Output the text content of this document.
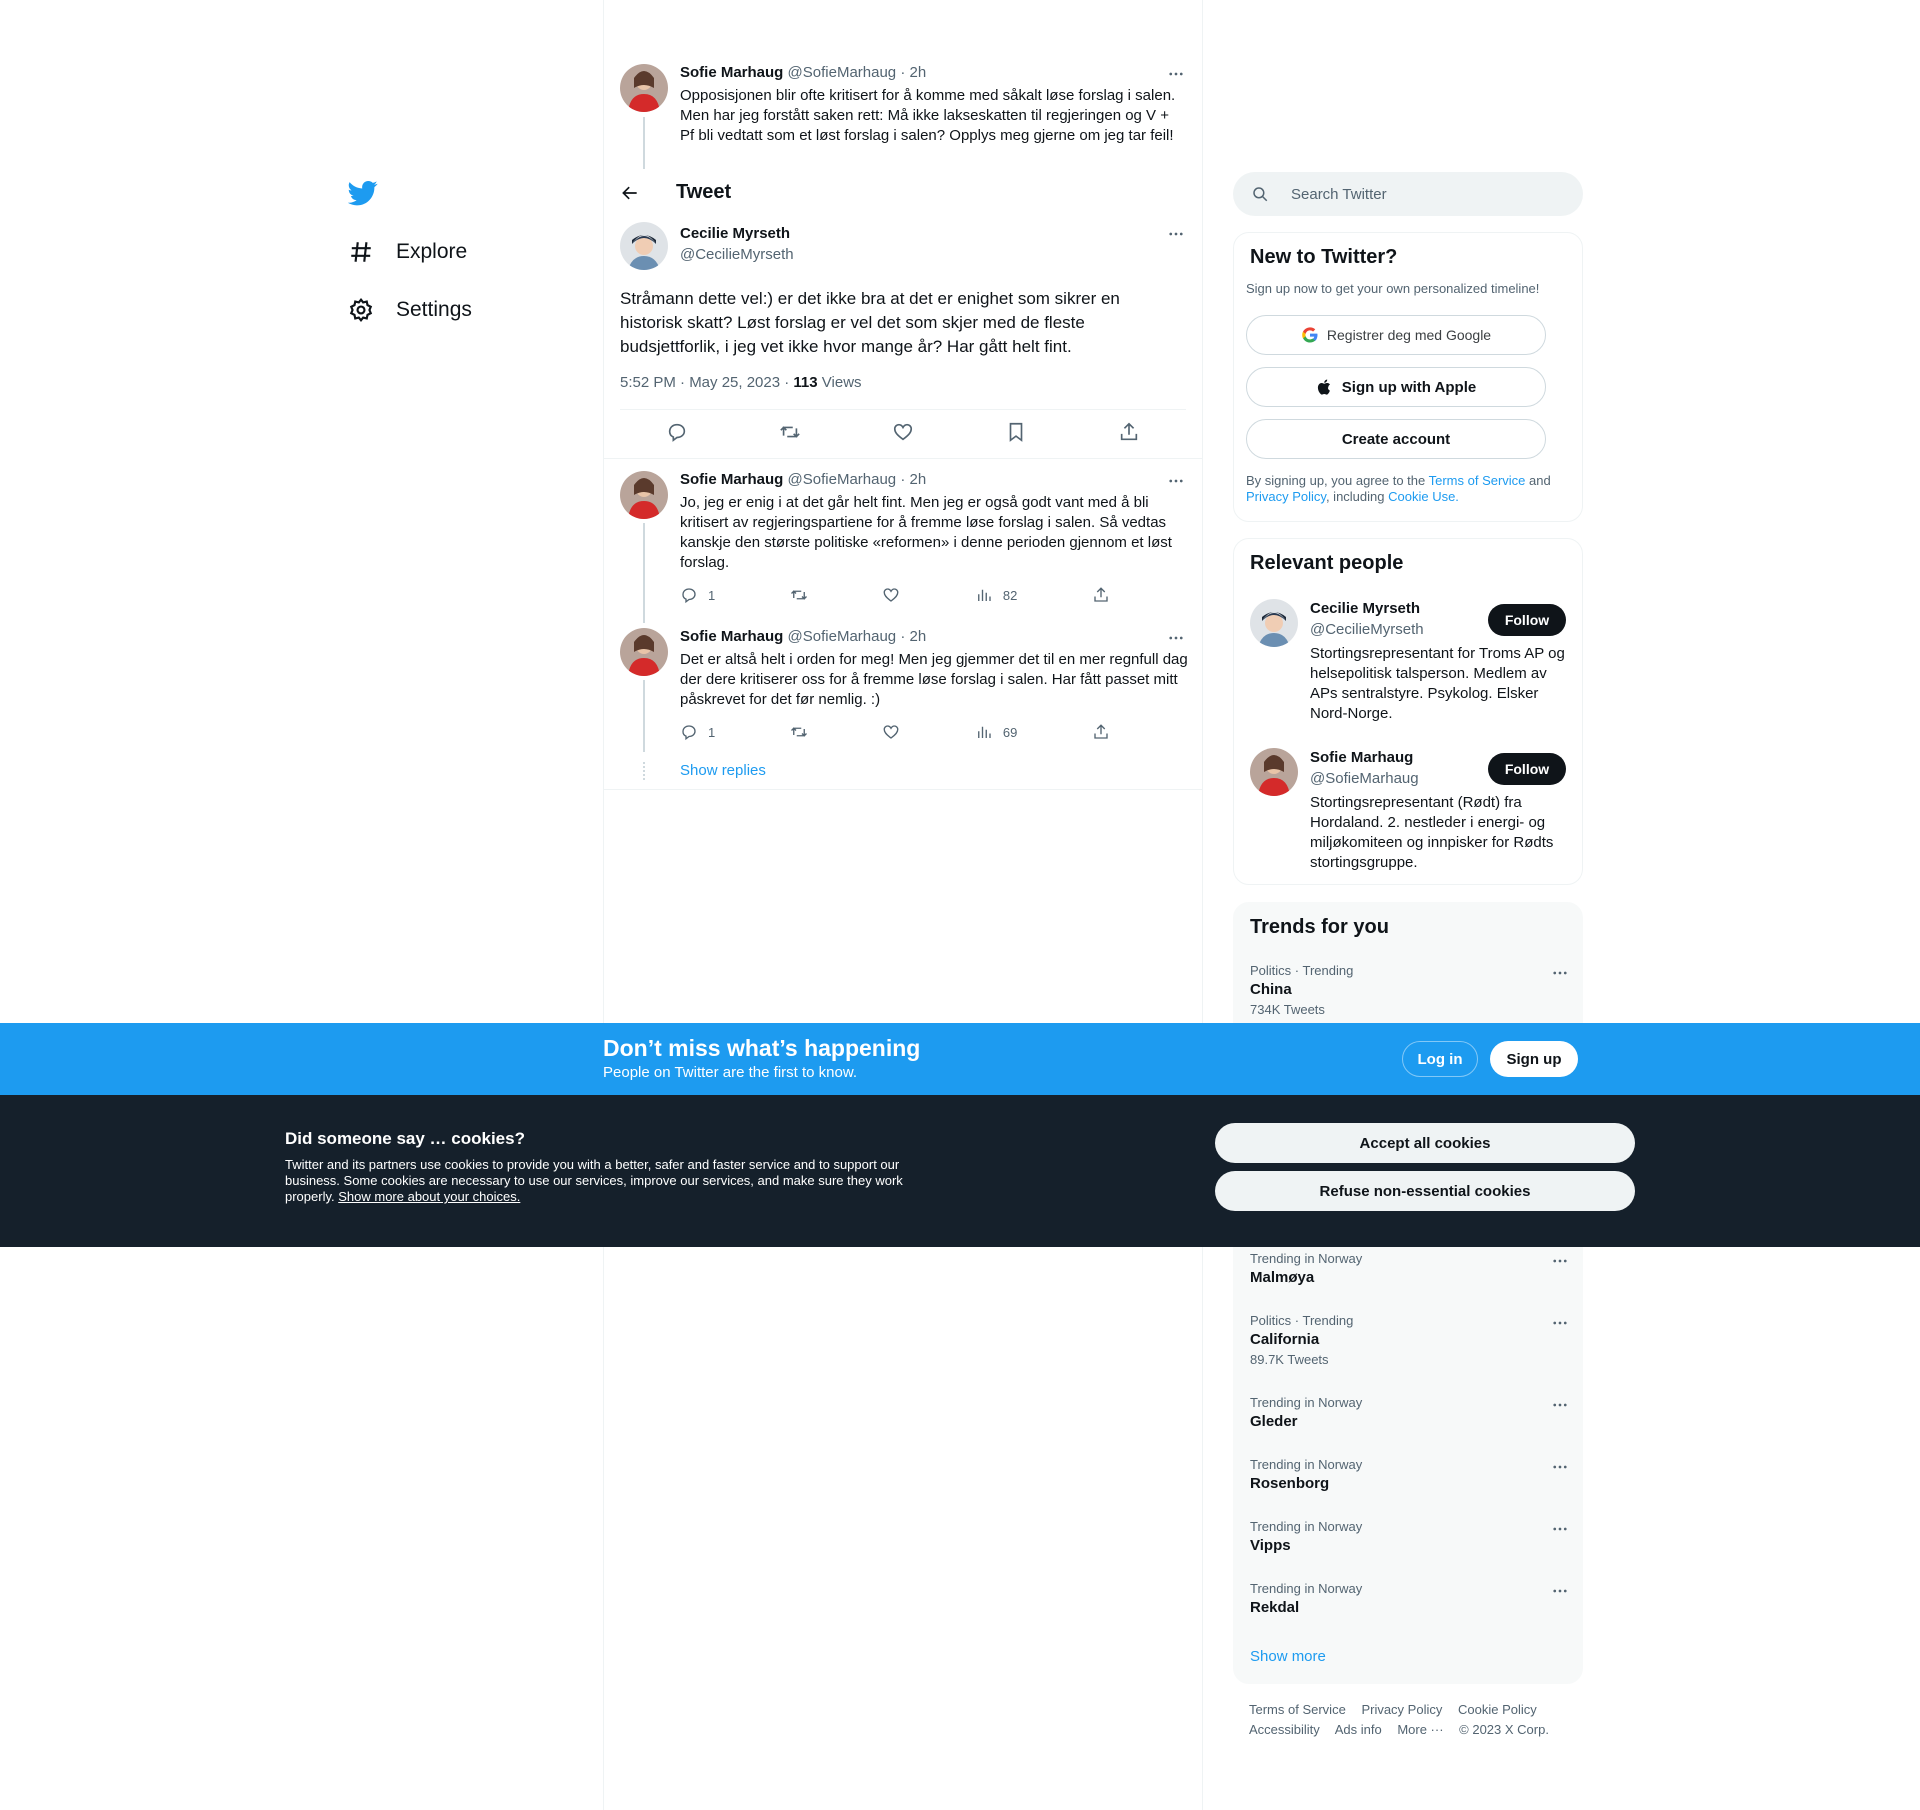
Explore
Settings
Sofie Marhaug @SofieMarhaug · 2h
Opposisjonen blir ofte kritisert for å komme med såkalt løse forslag i salen. Men har jeg forstått saken rett: Må ikke lakseskatten til regjeringen og V + Pf bli vedtatt som et løst forslag i salen? Opplys meg gjerne om jeg tar feil!
Tweet
Cecilie Myrseth
@CecilieMyrseth
Stråmann dette vel:) er det ikke bra at det er enighet som sikrer en historisk skatt? Løst forslag er vel det som skjer med de fleste budsjettforlik, i jeg vet ikke hvor mange år? Har gått helt fint.
5:52 PM · May 25, 2023 · 113 Views
Sofie Marhaug @SofieMarhaug · 2h
Jo, jeg er enig i at det går helt fint. Men jeg er også godt vant med å bli kritisert av regjeringspartiene for å fremme løse forslag i salen. Så vedtas kanskje den største politiske «reformen» i denne perioden gjennom et løst forslag.
1	82
Sofie Marhaug @SofieMarhaug · 2h
Det er altså helt i orden for meg! Men jeg gjemmer det til en mer regnfull dag der dere kritiserer oss for å fremme løse forslag i salen. Har fått passet mitt påskrevet for det før nemlig. :)
1	69
Show replies
Search Twitter
New to Twitter?
Sign up now to get your own personalized timeline!
Registrer deg med Google
Sign up with Apple
Create account
By signing up, you agree to the Terms of Service and
Privacy Policy, including Cookie Use.
Relevant people
Cecilie Myrseth
@CecilieMyrseth
Follow
Stortingsrepresentant for Troms AP og helsepolitisk talsperson. Medlem av APs sentralstyre. Psykolog. Elsker Nord-Norge.
Sofie Marhaug
@SofieMarhaug
Follow
Stortingsrepresentant (Rødt) fra Hordaland. 2. nestleder i energi- og miljøkomiteen og innpisker for Rødts stortingsgruppe.
Trends for you
Politics · Trending
China
734K Tweets
Trending in Norway
Malmøya
Politics · Trending
California
89.7K Tweets
Trending in Norway
Gleder
Trending in Norway
Rosenborg
Trending in Norway
Vipps
Trending in Norway
Rekdal
Show more
Terms of Service Privacy Policy Cookie Policy
Accessibility Ads info More ··· © 2023 X Corp.
Don’t miss what’s happening
People on Twitter are the first to know.
Log in	Sign up
Did someone say … cookies?
Twitter and its partners use cookies to provide you with a better, safer and faster service and to support our business. Some cookies are necessary to use our services, improve our services, and make sure they work properly. Show more about your choices.
Accept all cookies
Refuse non-essential cookies
